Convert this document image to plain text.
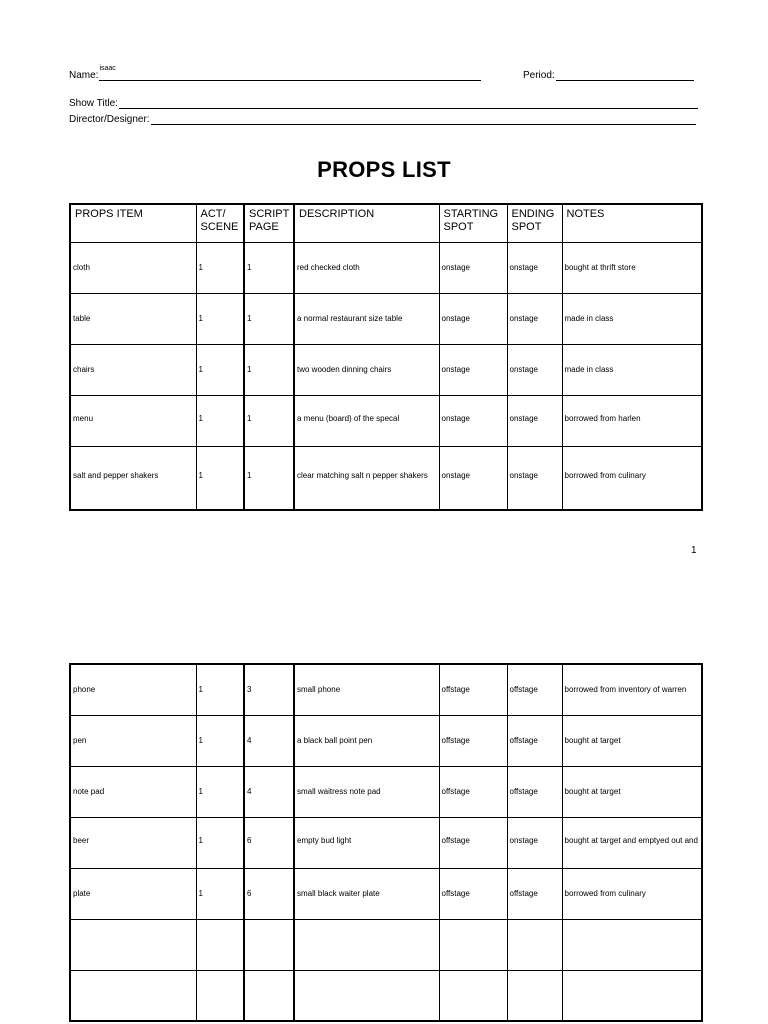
Name:
isaac
Period:
Show Title:
Director/Designer:
PROPS LIST
PROPS ITEM	ACT/ SCENE	SCRIPT PAGE	DESCRIPTION	STARTING SPOT	ENDING SPOT	NOTES

cloth	1	1	red checked cloth	onstage	onstage	bought at thrift store

table	1	1	a normal restaurant size table	onstage	onstage	made in class

chairs	1	1	two wooden dinning chairs	onstage	onstage	made in class

menu	1	1	a menu (board) of the specal	onstage	onstage	borrowed from harlen

salt and pepper shakers	1	1	clear matching salt n pepper shakers	onstage	onstage	borrowed from culinary
1
phone	1	3	small phone	offstage	offstage	borrowed from inventory of warren

pen	1	4	a black ball point pen	offstage	offstage	bought at target

note pad	1	4	small waitress note pad	offstage	offstage	bought at target

beer	1	6	empty bud light	offstage	onstage	bought at target and emptyed out and

plate	1	6	small black waiter plate	offstage	offstage	borrowed from culinary
